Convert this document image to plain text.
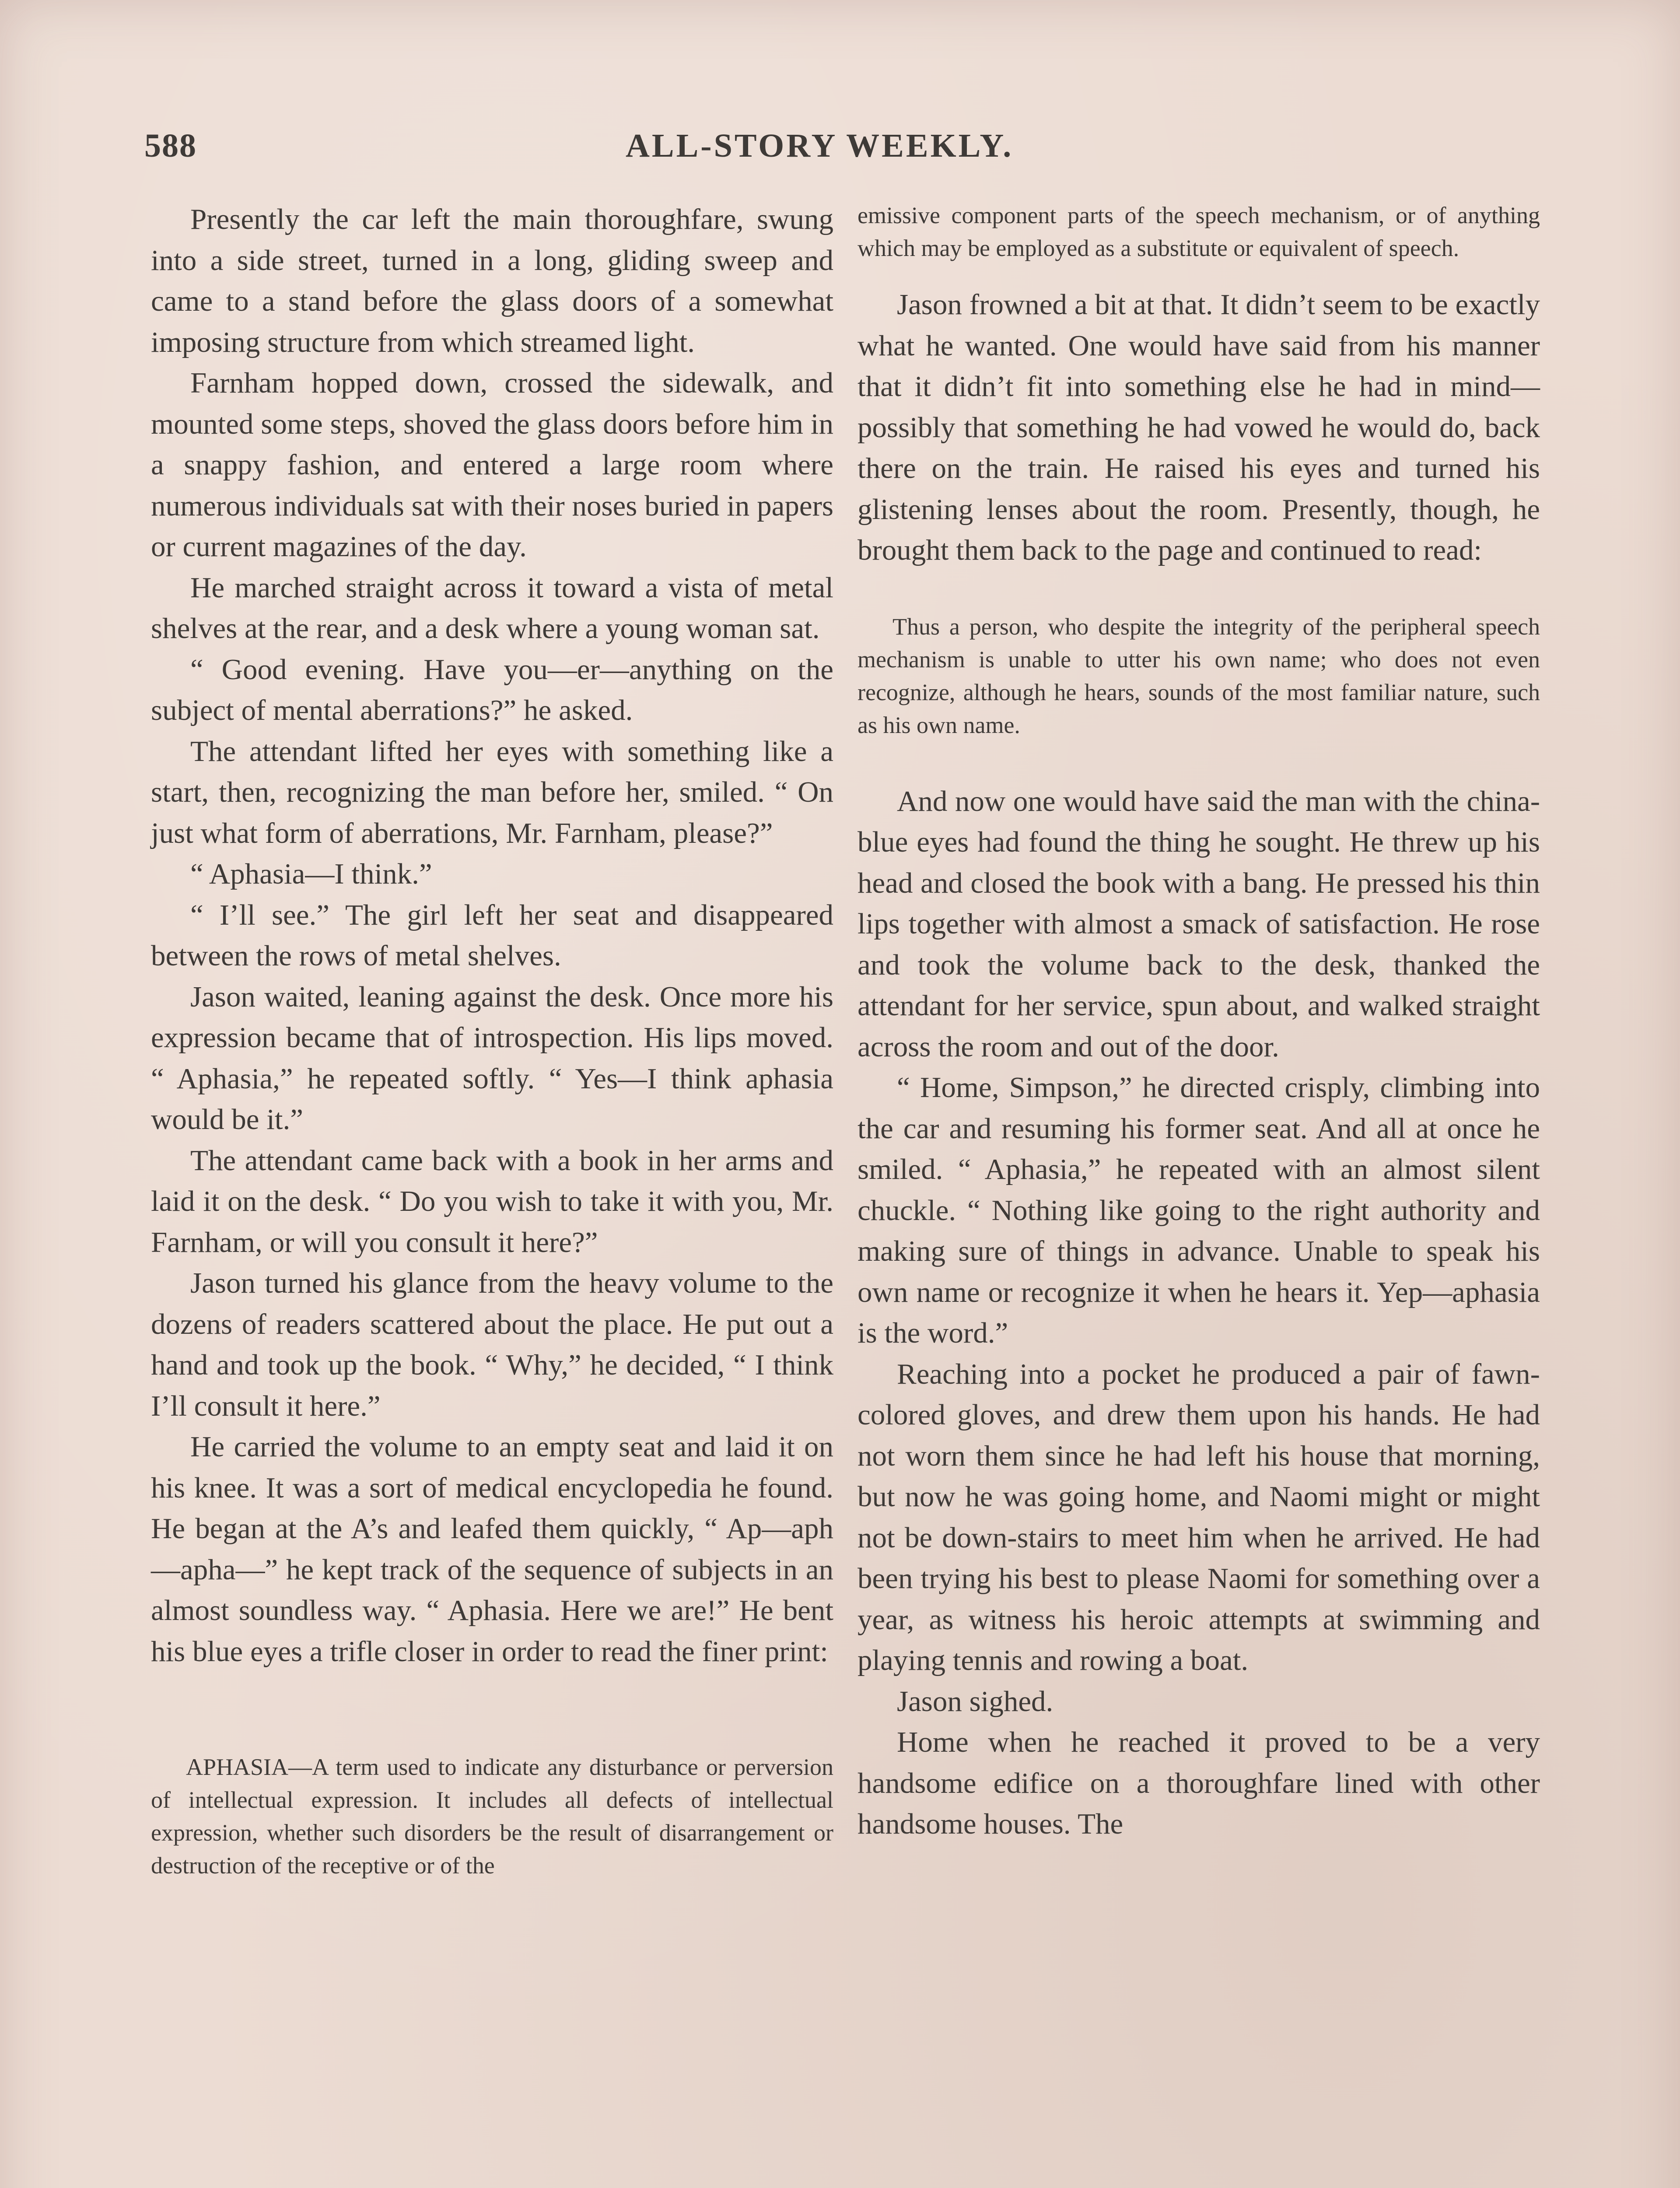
588	ALL-STORY WEEKLY.

Presently the car left the main thoroughfare, swung into a side street, turned in a long, gliding sweep and came to a stand before the glass doors of a somewhat imposing structure from which streamed light.

Farnham hopped down, crossed the sidewalk, and mounted some steps, shoved the glass doors before him in a snappy fashion, and entered a large room where numerous individuals sat with their noses buried in papers or current magazines of the day.

He marched straight across it toward a vista of metal shelves at the rear, and a desk where a young woman sat.

“ Good evening. Have you—er—anything on the subject of mental aberrations?” he asked.

The attendant lifted her eyes with something like a start, then, recognizing the man before her, smiled. “ On just what form of aberrations, Mr. Farnham, please?”

“ Aphasia—I think.”

“ I’ll see.” The girl left her seat and disappeared between the rows of metal shelves.

Jason waited, leaning against the desk. Once more his expression became that of introspection. His lips moved. “ Aphasia,” he repeated softly. “ Yes—I think aphasia would be it.”

The attendant came back with a book in her arms and laid it on the desk. “ Do you wish to take it with you, Mr. Farnham, or will you consult it here?”

Jason turned his glance from the heavy volume to the dozens of readers scattered about the place. He put out a hand and took up the book. “ Why,” he decided, “ I think I’ll consult it here.”

He carried the volume to an empty seat and laid it on his knee. It was a sort of medical encyclopedia he found. He began at the A’s and leafed them quickly, “ Ap—aph—apha—” he kept track of the sequence of subjects in an almost soundless way. “ Aphasia. Here we are!” He bent his blue eyes a trifle closer in order to read the finer print:

APHASIA—A term used to indicate any disturbance or perversion of intellectual expression. It includes all defects of intellectual expression, whether such disorders be the result of disarrangement or destruction of the receptive or of the

emissive component parts of the speech mechanism, or of anything which may be employed as a substitute or equivalent of speech.

Jason frowned a bit at that. It didn’t seem to be exactly what he wanted. One would have said from his manner that it didn’t fit into something else he had in mind—possibly that something he had vowed he would do, back there on the train. He raised his eyes and turned his glistening lenses about the room. Presently, though, he brought them back to the page and continued to read:

Thus a person, who despite the integrity of the peripheral speech mechanism is unable to utter his own name; who does not even recognize, although he hears, sounds of the most familiar nature, such as his own name.

And now one would have said the man with the china-blue eyes had found the thing he sought. He threw up his head and closed the book with a bang. He pressed his thin lips together with almost a smack of satisfaction. He rose and took the volume back to the desk, thanked the attendant for her service, spun about, and walked straight across the room and out of the door.

“ Home, Simpson,” he directed crisply, climbing into the car and resuming his former seat. And all at once he smiled. “ Aphasia,” he repeated with an almost silent chuckle. “ Nothing like going to the right authority and making sure of things in advance. Unable to speak his own name or recognize it when he hears it. Yep—aphasia is the word.”

Reaching into a pocket he produced a pair of fawn-colored gloves, and drew them upon his hands. He had not worn them since he had left his house that morning, but now he was going home, and Naomi might or might not be down-stairs to meet him when he arrived. He had been trying his best to please Naomi for something over a year, as witness his heroic attempts at swimming and playing tennis and rowing a boat.

Jason sighed.

Home when he reached it proved to be a very handsome edifice on a thoroughfare lined with other handsome houses. The
